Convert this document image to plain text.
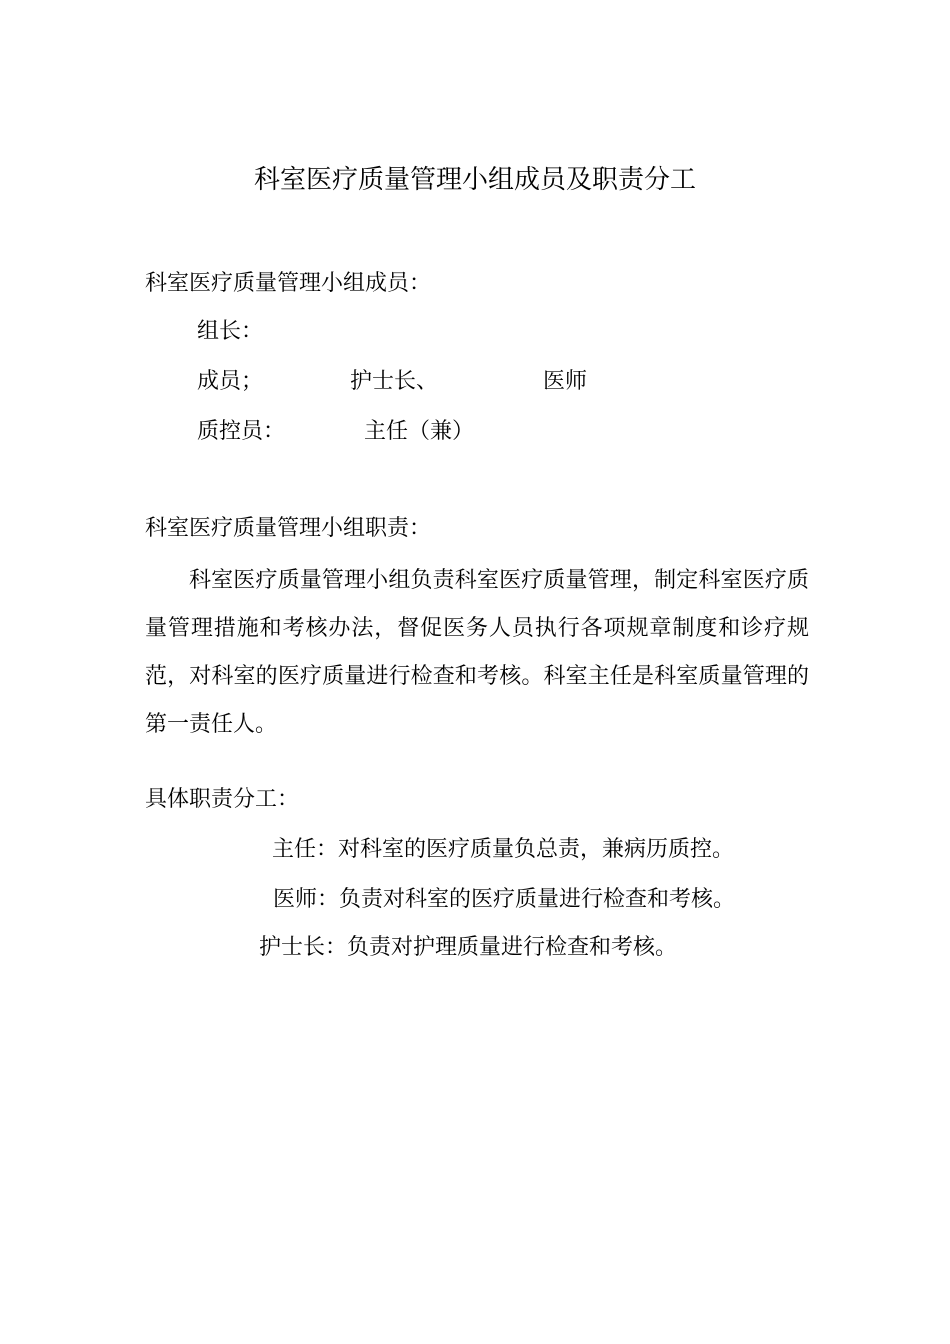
科室医疗质量管理小组成员及职责分工
科室医疗质量管理小组成员：
组长：
成员；	护士长、	医师
质控员：	主任（兼）
科室医疗质量管理小组职责：
科室医疗质量管理小组负责科室医疗质量管理，制定科室医疗质量管理措施和考核办法，督促医务人员执行各项规章制度和诊疗规范，对科室的医疗质量进行检查和考核。科室主任是科室质量管理的第一责任人。
具体职责分工：
主任：对科室的医疗质量负总责，兼病历质控。
医师：负责对科室的医疗质量进行检查和考核。
护士长：负责对护理质量进行检查和考核。
